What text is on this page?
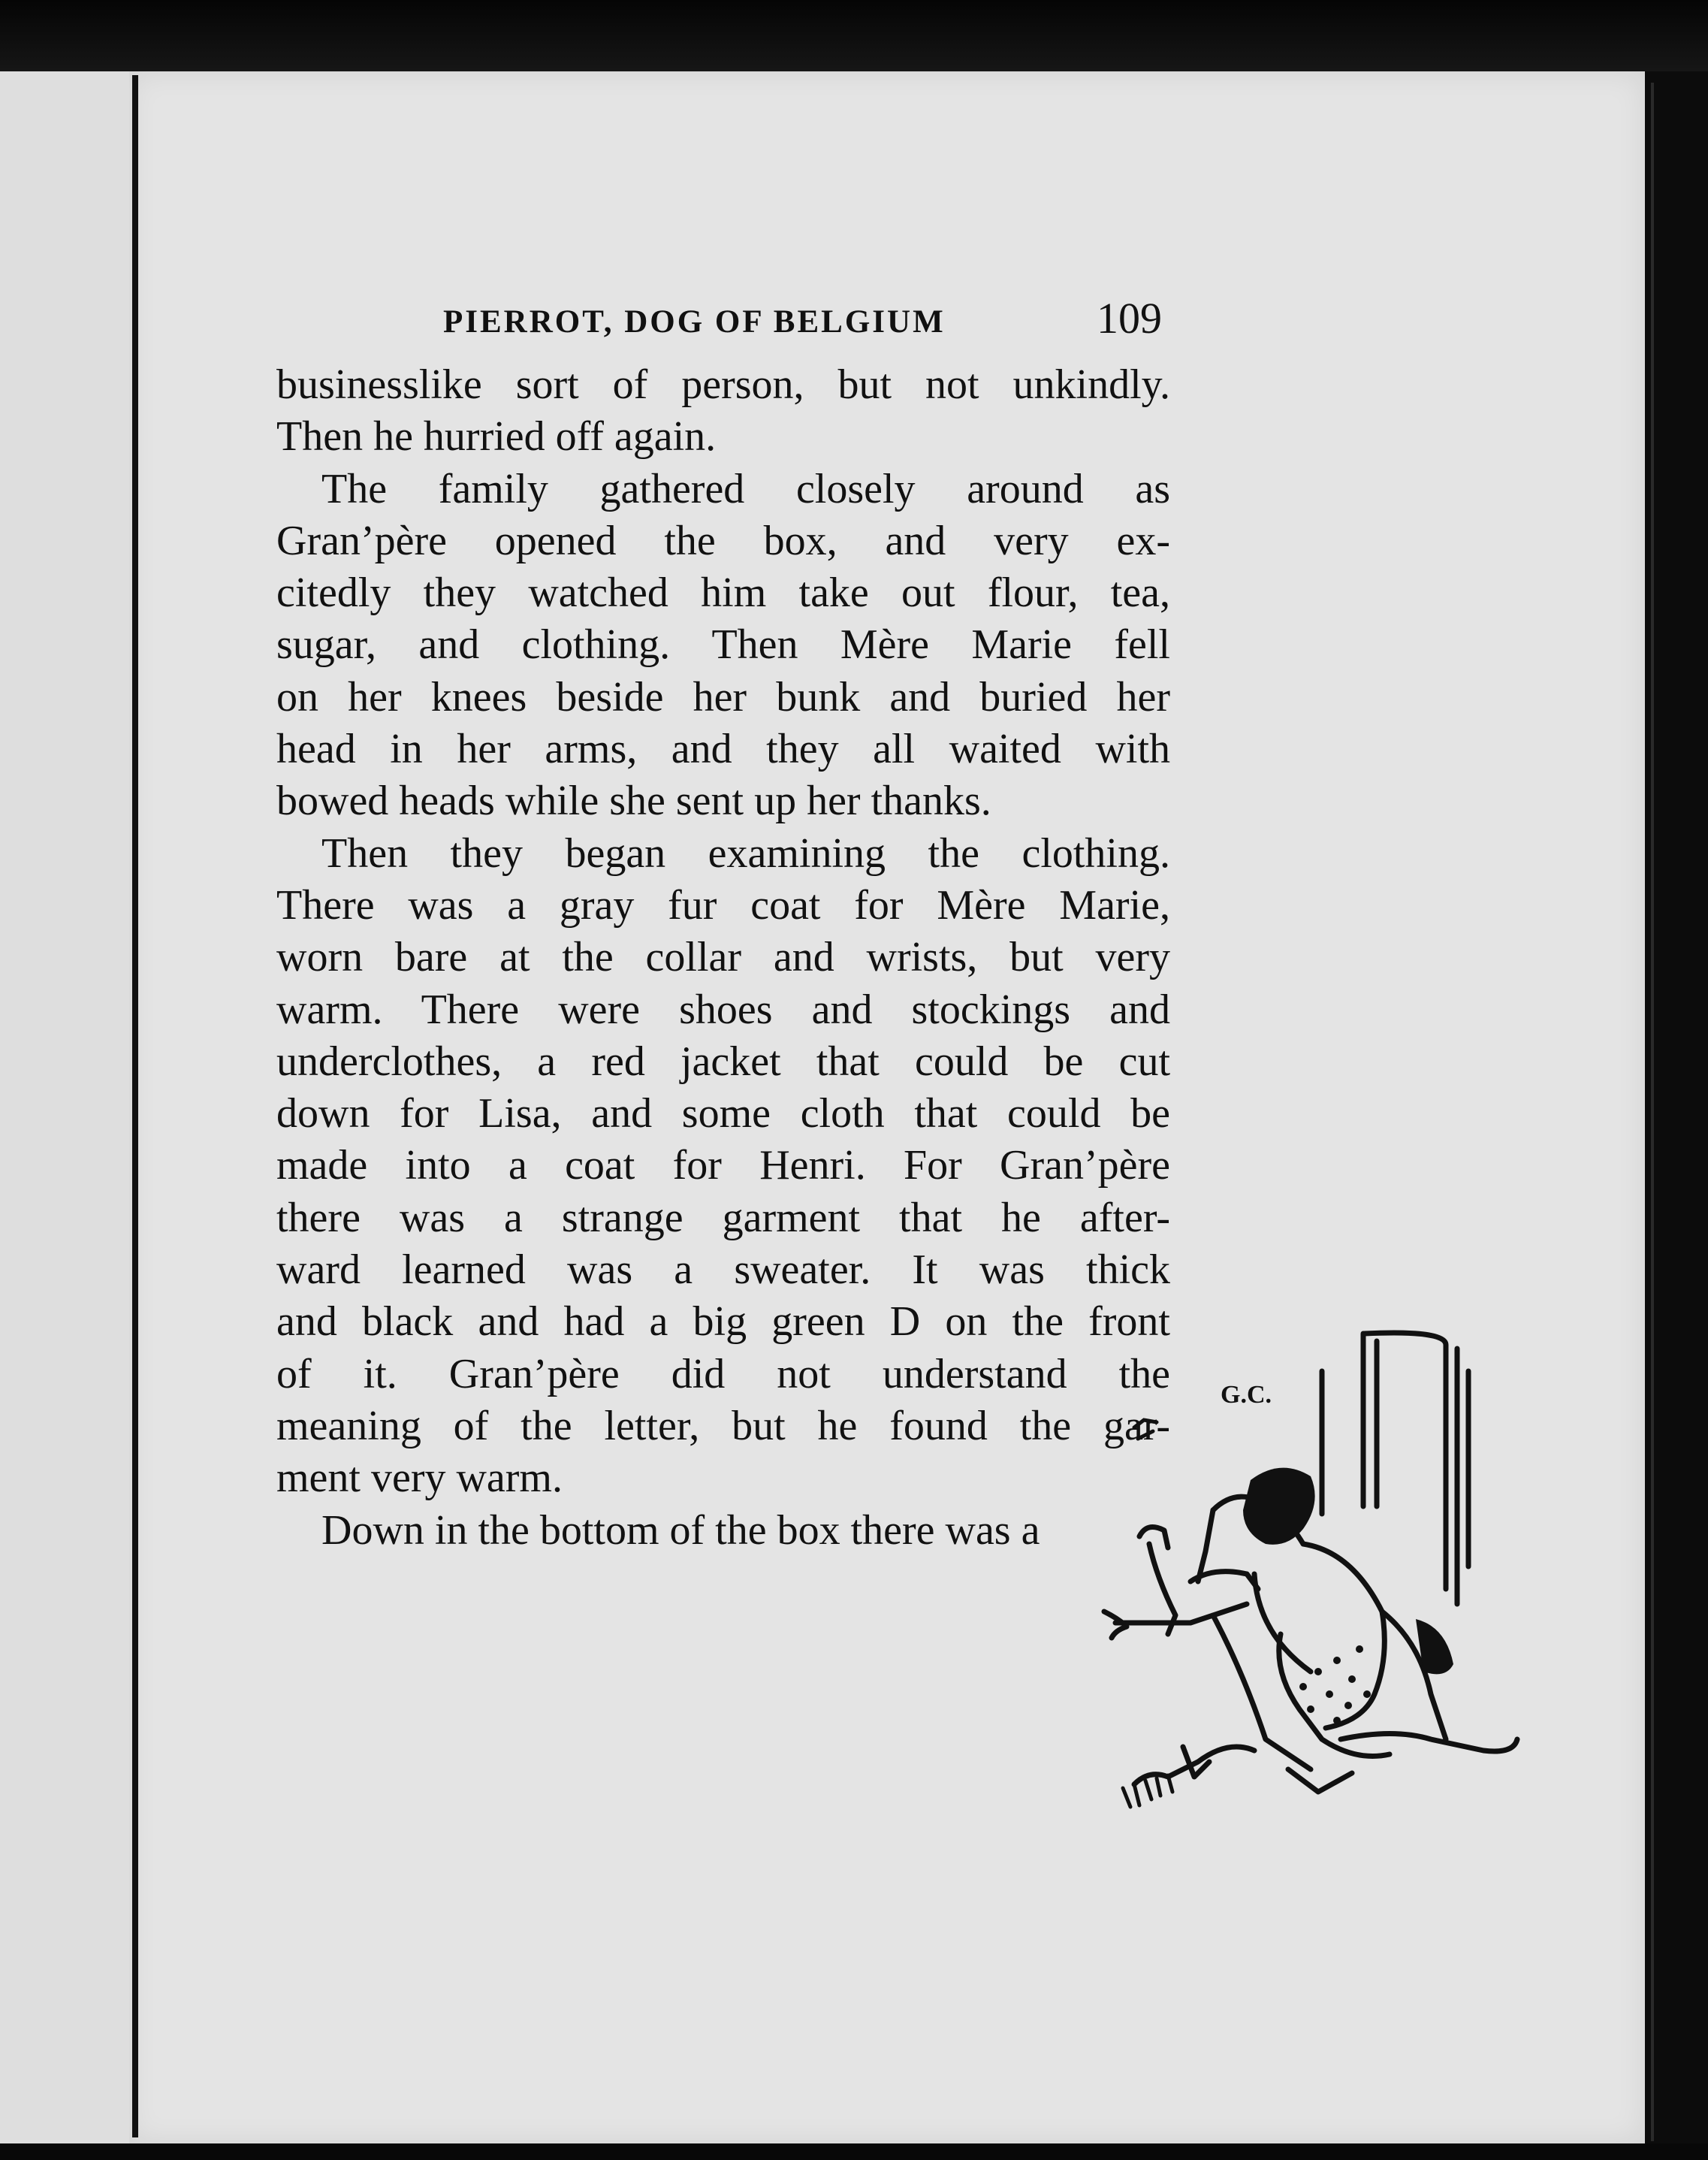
PIERROT, DOG OF BELGIUM	109
businesslike sort of person, but not unkindly.
Then he hurried off again.
The family gathered closely around as
Gran’père opened the box, and very ex-
citedly they watched him take out flour, tea,
sugar, and clothing. Then Mère Marie fell
on her knees beside her bunk and buried her
head in her arms, and they all waited with
bowed heads while she sent up her thanks.
Then they began examining the clothing.
There was a gray fur coat for Mère Marie,
worn bare at the collar and wrists, but very
warm. There were shoes and stockings and
underclothes, a red jacket that could be cut
down for Lisa, and some cloth that could be
made into a coat for Henri. For Gran’père
there was a strange garment that he after-
ward learned was a sweater. It was thick
and black and had a big green D on the front
of it. Gran’père did not understand the
meaning of the letter, but he found the gar-
ment very warm.
Down in the bottom of the box there was a
G.C.
